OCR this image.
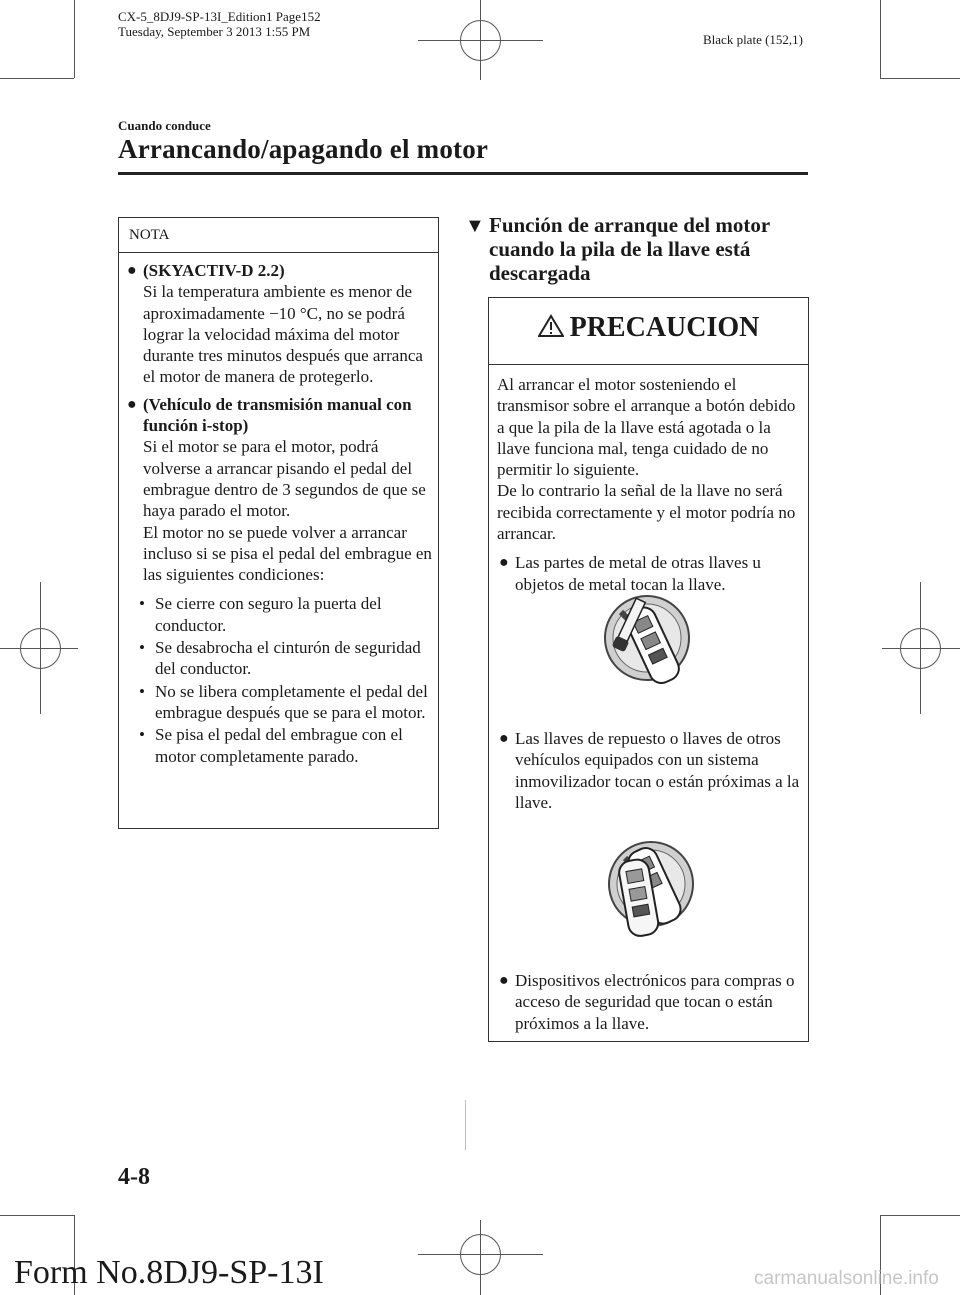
CX-5_8DJ9-SP-13I_Edition1 Page152
Tuesday, September 3 2013 1:55 PM
Black plate (152,1)
Cuando conduce
Arrancando/apagando el motor
NOTA
● (SKYACTIV-D 2.2)
Si la temperatura ambiente es menor de aproximadamente −10 °C, no se podrá lograr la velocidad máxima del motor durante tres minutos después que arranca el motor de manera de protegerlo.
● (Vehículo de transmisión manual con función i-stop)
Si el motor se para el motor, podrá volverse a arrancar pisando el pedal del embrague dentro de 3 segundos de que se haya parado el motor.
El motor no se puede volver a arrancar incluso si se pisa el pedal del embrague en las siguientes condiciones:
• Se cierre con seguro la puerta del conductor.
• Se desabrocha el cinturón de seguridad del conductor.
• No se libera completamente el pedal del embrague después que se para el motor.
• Se pisa el pedal del embrague con el motor completamente parado.
▼ Función de arranque del motor cuando la pila de la llave está descargada
PRECAUCION
Al arrancar el motor sosteniendo el transmisor sobre el arranque a botón debido a que la pila de la llave está agotada o la llave funciona mal, tenga cuidado de no permitir lo siguiente.
De lo contrario la señal de la llave no será recibida correctamente y el motor podría no arrancar.
● Las partes de metal de otras llaves u objetos de metal tocan la llave.
● Las llaves de repuesto o llaves de otros vehículos equipados con un sistema inmovilizador tocan o están próximas a la llave.
● Dispositivos electrónicos para compras o acceso de seguridad que tocan o están próximos a la llave.
4-8
Form No.8DJ9-SP-13I	carmanualsonline.info
